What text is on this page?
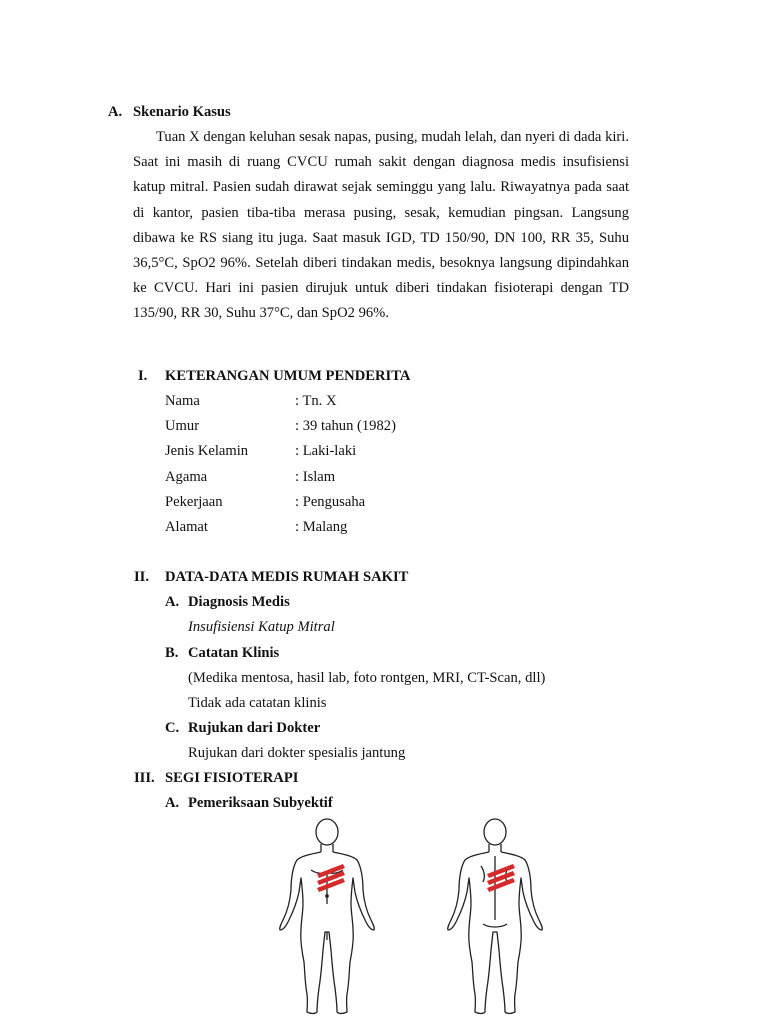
A. Skenario Kasus
Tuan X dengan keluhan sesak napas, pusing, mudah lelah, dan nyeri di dada kiri.
Saat ini masih di ruang CVCU rumah sakit dengan diagnosa medis insufisiensi
katup mitral. Pasien sudah dirawat sejak seminggu yang lalu. Riwayatnya pada saat
di kantor, pasien tiba-tiba merasa pusing, sesak, kemudian pingsan. Langsung
dibawa ke RS siang itu juga. Saat masuk IGD, TD 150/90, DN 100, RR 35, Suhu
36,5°C, SpO2 96%. Setelah diberi tindakan medis, besoknya langsung dipindahkan
ke CVCU. Hari ini pasien dirujuk untuk diberi tindakan fisioterapi dengan TD
135/90, RR 30, Suhu 37°C, dan SpO2 96%.
I. KETERANGAN UMUM PENDERITA
Nama	: Tn. X
Umur	: 39 tahun (1982)
Jenis Kelamin	: Laki-laki
Agama	: Islam
Pekerjaan	: Pengusaha
Alamat	: Malang
II. DATA-DATA MEDIS RUMAH SAKIT
A. Diagnosis Medis
Insufisiensi Katup Mitral
B. Catatan Klinis
(Medika mentosa, hasil lab, foto rontgen, MRI, CT-Scan, dll)
Tidak ada catatan klinis
C. Rujukan dari Dokter
Rujukan dari dokter spesialis jantung
III. SEGI FISIOTERAPI
A. Pemeriksaan Subyektif
